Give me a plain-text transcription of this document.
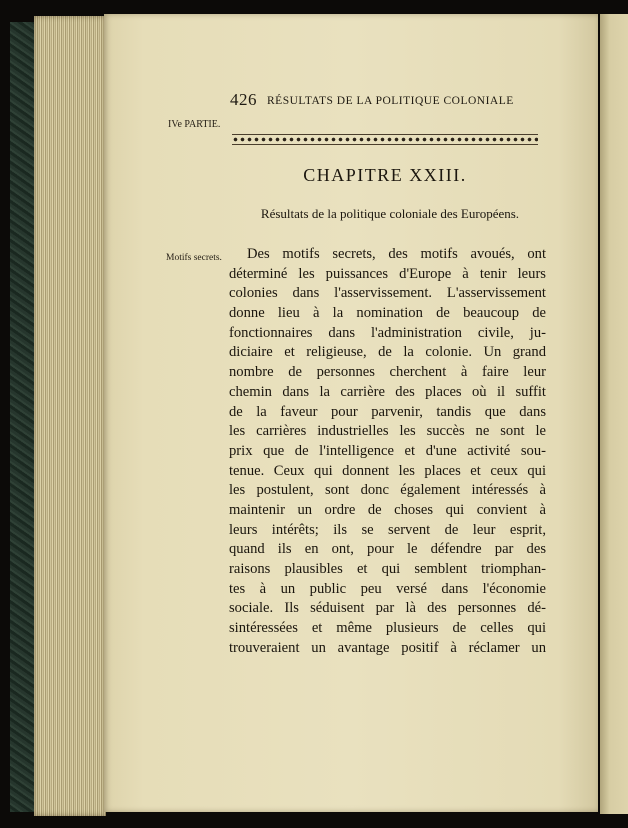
426 RÉSULTATS DE LA POLITIQUE COLONIALE
IVe PARTIE.
CHAPITRE XXIII.
Résultats de la politique coloniale des Européens.
Motifs secrets.	Des motifs secrets, des motifs avoués, ont
déterminé les puissances d'Europe à tenir leurs
colonies dans l'asservissement. L'asservissement
donne lieu à la nomination de beaucoup de
fonctionnaires dans l'administration civile, ju-
diciaire et religieuse, de la colonie. Un grand
nombre de personnes cherchent à faire leur
chemin dans la carrière des places où il suffit
de la faveur pour parvenir, tandis que dans
les carrières industrielles les succès ne sont le
prix que de l'intelligence et d'une activité sou-
tenue. Ceux qui donnent les places et ceux qui
les postulent, sont donc également intéressés à
maintenir un ordre de choses qui convient à
leurs intérêts; ils se servent de leur esprit,
quand ils en ont, pour le défendre par des
raisons plausibles et qui semblent triomphan-
tes à un public peu versé dans l'économie
sociale. Ils séduisent par là des personnes dé-
sintéressées et même plusieurs de celles qui
trouveraient un avantage positif à réclamer un
